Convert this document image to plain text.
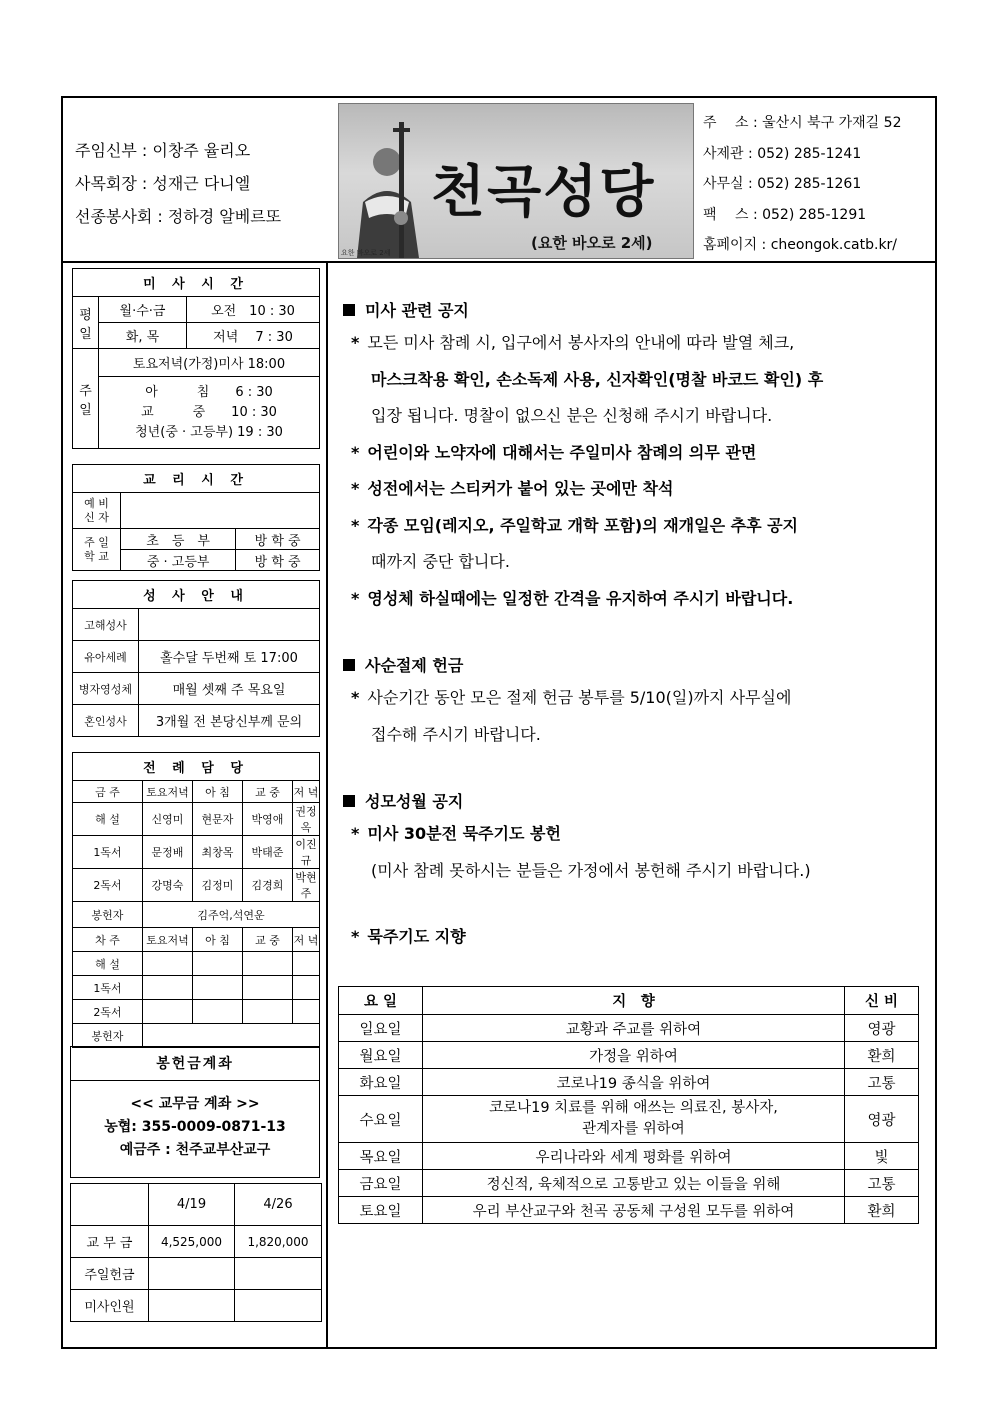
주임신부 : 이창주 율리오
사목회장 : 성재근 다니엘
선종봉사회 : 정하경 알베르또	천곡성당
(요한 바오로 2세)
요한 바오로 2세
주　 소 : 울산시 북구 가재길 52
사제관 : 052) 285-1241
사무실 : 052) 285-1261
팩　 스 : 052) 285-1291
홈페이지 : cheongok.catb.kr/
미 사 시 간		
평일	월·수·금	오전　10 : 30
	화, 목	저녁　 7 : 30
주일	토요저녁(가정)미사 18:00	

	아　　　침　　6 : 30
교　　　중　　10 : 30
청년(중 · 고등부) 19 : 30	
교 리 시 간		
예 비
신 자		
주 일
학 교	초　등　부	방 학 중
	중 · 고등부	방 학 중
성 사 안 내	
고해성사	
유아세례	홀수달 두번째 토 17:00
병자영성체	매월 셋째 주 목요일
혼인성사	3개월 전 본당신부께 문의
전 례 담 당				
금 주	토요저녁	아 침	교 중	저 녁
해 설	신영미	현문자	박영애	권정옥
1독서	문정배	최창목	박태준	이진규
2독서	강명숙	김정미	김경희	박현주
봉헌자	김주억,석연운			
차 주	토요저녁	아 침	교 중	저 녁
해 설				
1독서				
2독서				
봉헌자				
봉헌금계좌
<< 교무금 계좌 >>
농협: 355-0009-0871-13
예금주 : 천주교부산교구
	4/19	4/26
교 무 금	4,525,000	1,820,000
주일헌금		
미사인원		
미사 관련 공지
* 모든 미사 참례 시, 입구에서 봉사자의 안내에 따라 발열 체크,
마스크착용 확인, 손소독제 사용, 신자확인(명찰 바코드 확인) 후
입장 됩니다. 명찰이 없으신 분은 신청해 주시기 바랍니다.
* 어린이와 노약자에 대해서는 주일미사 참례의 의무 관면
* 성전에서는 스티커가 붙어 있는 곳에만 착석
* 각종 모임(레지오, 주일학교 개학 포함)의 재개일은 추후 공지
때까지 중단 합니다.
* 영성체 하실때에는 일정한 간격을 유지하여 주시기 바랍니다.
사순절제 헌금
* 사순기간 동안 모은 절제 헌금 봉투를 5/10(일)까지 사무실에
접수해 주시기 바랍니다.
성모성월 공지
* 미사 30분전 묵주기도 봉헌
(미사 참례 못하시는 분들은 가정에서 봉헌해 주시기 바랍니다.)
* 묵주기도 지향
요 일	지　향	신 비
일요일	교황과 주교를 위하여	영광
월요일	가정을 위하여	환희
화요일	코로나19 종식을 위하여	고통
수요일	코로나19 치료를 위해 애쓰는 의료진, 봉사자,
관계자를 위하여	영광
목요일	우리나라와 세계 평화를 위하여	빛
금요일	정신적, 육체적으로 고통받고 있는 이들을 위해	고통
토요일	우리 부산교구와 천곡 공동체 구성원 모두를 위하여	환희
